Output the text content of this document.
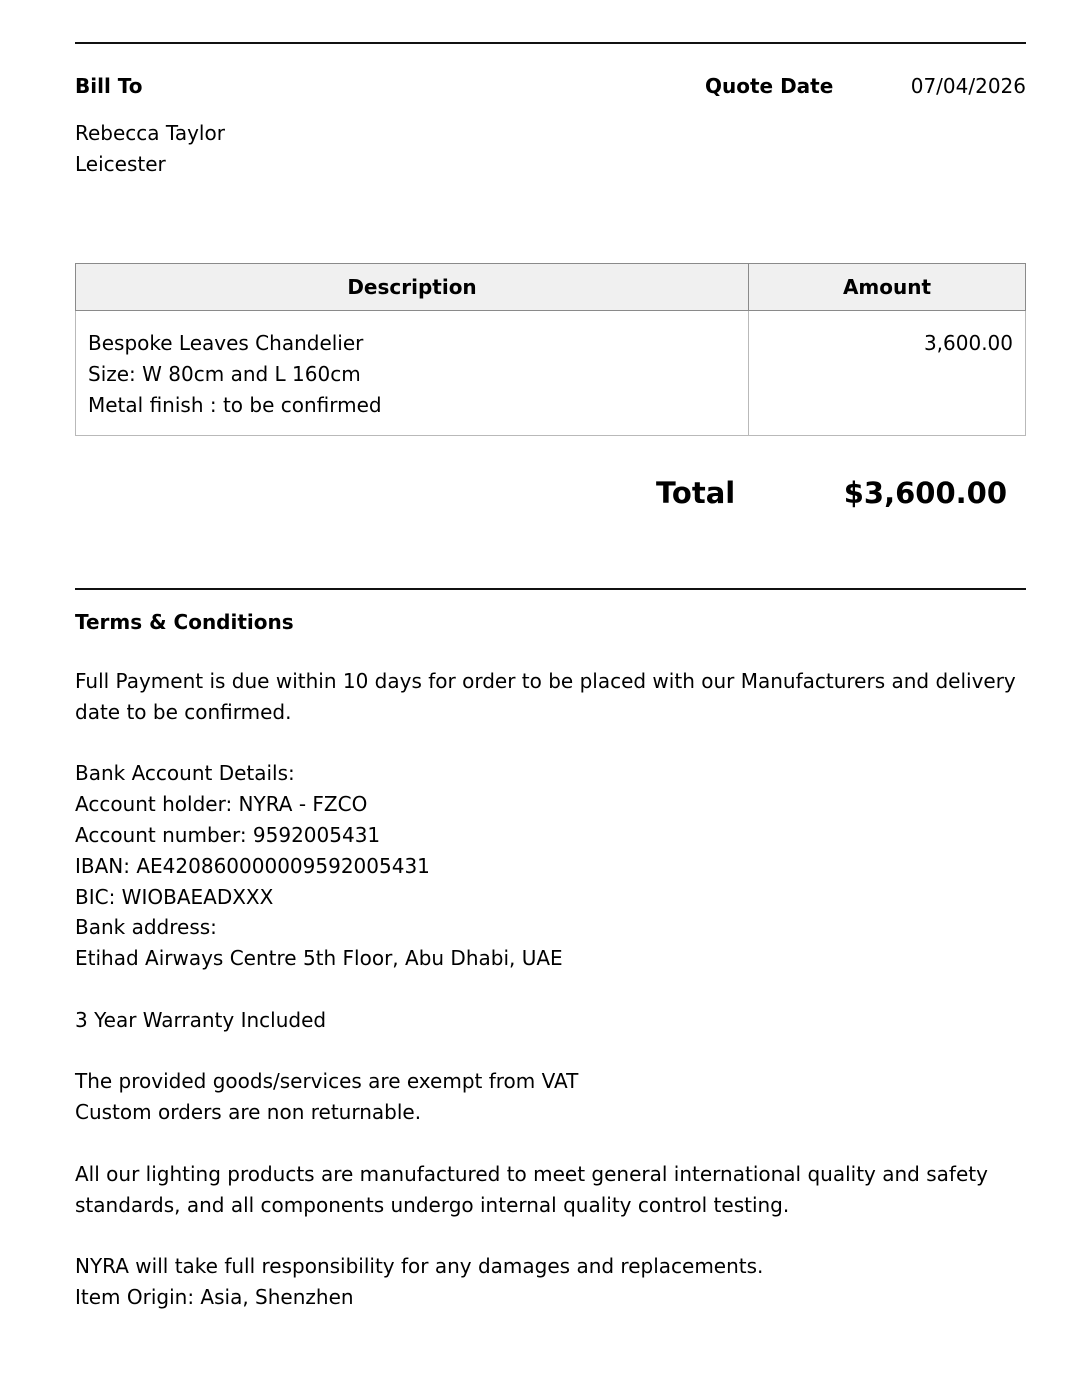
Bill To
Rebecca Taylor
Leicester
Quote Date	07/04/2026
Description	Amount

Bespoke Leaves Chandelier
Size: W 80cm and L 160cm
Metal finish : to be confirmed	3,600.00
Total	$3,600.00
Terms & Conditions

Full Payment is due within 10 days for order to be placed with our Manufacturers and delivery date to be confirmed.

Bank Account Details:
Account holder: NYRA - FZCO
Account number: 9592005431
IBAN: AE420860000009592005431
BIC: WIOBAEADXXX
Bank address:
Etihad Airways Centre 5th Floor, Abu Dhabi, UAE

3 Year Warranty Included

The provided goods/services are exempt from VAT
Custom orders are non returnable.

All our lighting products are manufactured to meet general international quality and safety standards, and all components undergo internal quality control testing.

NYRA will take full responsibility for any damages and replacements.
Item Origin: Asia, Shenzhen
